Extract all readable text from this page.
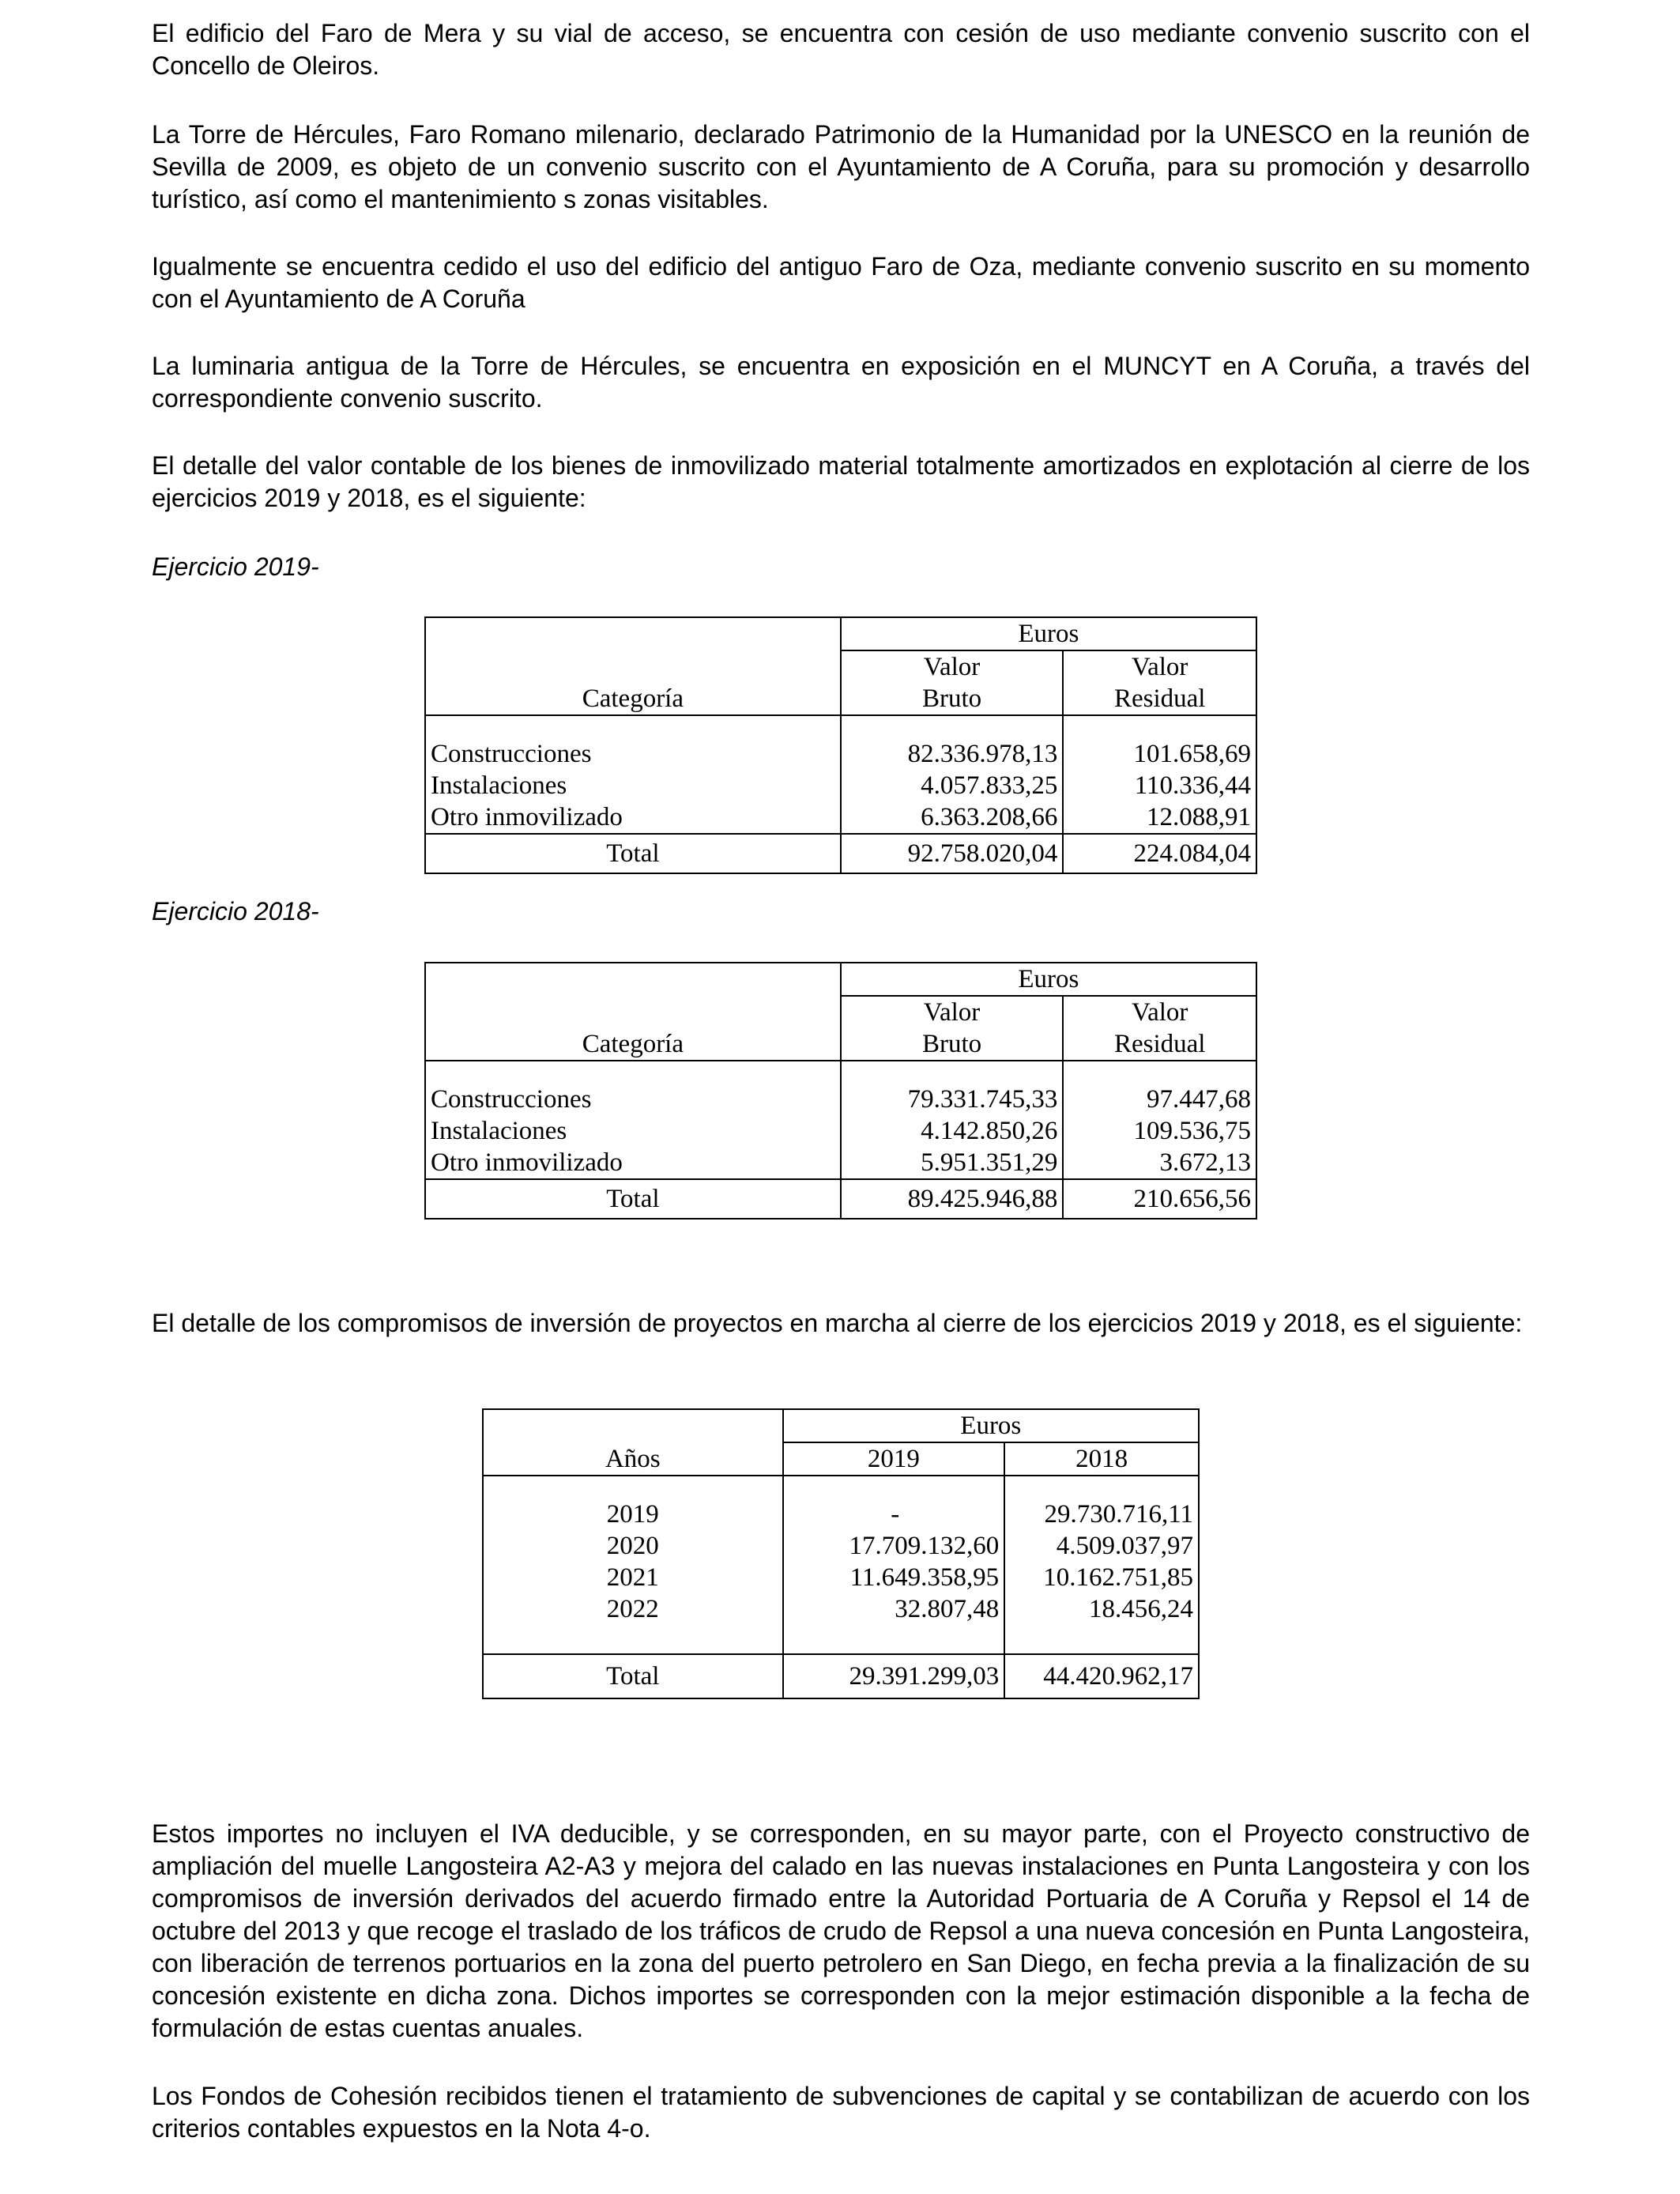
El edificio del Faro de Mera y su vial de acceso, se encuentra con cesión de uso mediante convenio suscrito con el Concello de Oleiros.

La Torre de Hércules, Faro Romano milenario, declarado Patrimonio de la Humanidad por la UNESCO en la reunión de Sevilla de 2009, es objeto de un convenio suscrito con el Ayuntamiento de A Coruña, para su promoción y desarrollo turístico, así como el mantenimiento s zonas visitables.

Igualmente se encuentra cedido el uso del edificio del antiguo Faro de Oza, mediante convenio suscrito en su momento con el Ayuntamiento de A Coruña

La luminaria antigua de la Torre de Hércules, se encuentra en exposición en el MUNCYT en A Coruña, a través del correspondiente convenio suscrito.

El detalle del valor contable de los bienes de inmovilizado material totalmente amortizados en explotación al cierre de los ejercicios 2019 y 2018, es el siguiente:

Ejercicio 2019-

	Euros	
	Valor	Valor
Categoría	Bruto	Residual

Construcciones	82.336.978,13	101.658,69
Instalaciones	4.057.833,25	110.336,44
Otro inmovilizado	6.363.208,66	12.088,91
Total	92.758.020,04	224.084,04

Ejercicio 2018-

	Euros	
	Valor	Valor
Categoría	Bruto	Residual

Construcciones	79.331.745,33	97.447,68
Instalaciones	4.142.850,26	109.536,75
Otro inmovilizado	5.951.351,29	3.672,13
Total	89.425.946,88	210.656,56

El detalle de los compromisos de inversión de proyectos en marcha al cierre de los ejercicios 2019 y 2018, es el siguiente:

	Euros	
Años	2019	2018

2019	-	29.730.716,11
2020	17.709.132,60	4.509.037,97
2021	11.649.358,95	10.162.751,85
2022	32.807,48	18.456,24

Total	29.391.299,03	44.420.962,17

Estos importes no incluyen el IVA deducible, y se corresponden, en su mayor parte, con el Proyecto constructivo de ampliación del muelle Langosteira A2-A3 y mejora del calado en las nuevas instalaciones en Punta Langosteira y con los compromisos de inversión derivados del acuerdo firmado entre la Autoridad Portuaria de A Coruña y Repsol el 14 de octubre del 2013 y que recoge el traslado de los tráficos de crudo de Repsol a una nueva concesión en Punta Langosteira, con liberación de terrenos portuarios en la zona del puerto petrolero en San Diego, en fecha previa a la finalización de su concesión existente en dicha zona. Dichos importes se corresponden con la mejor estimación disponible a la fecha de formulación de estas cuentas anuales.

Los Fondos de Cohesión recibidos tienen el tratamiento de subvenciones de capital y se contabilizan de acuerdo con los criterios contables expuestos en la Nota 4-o.
